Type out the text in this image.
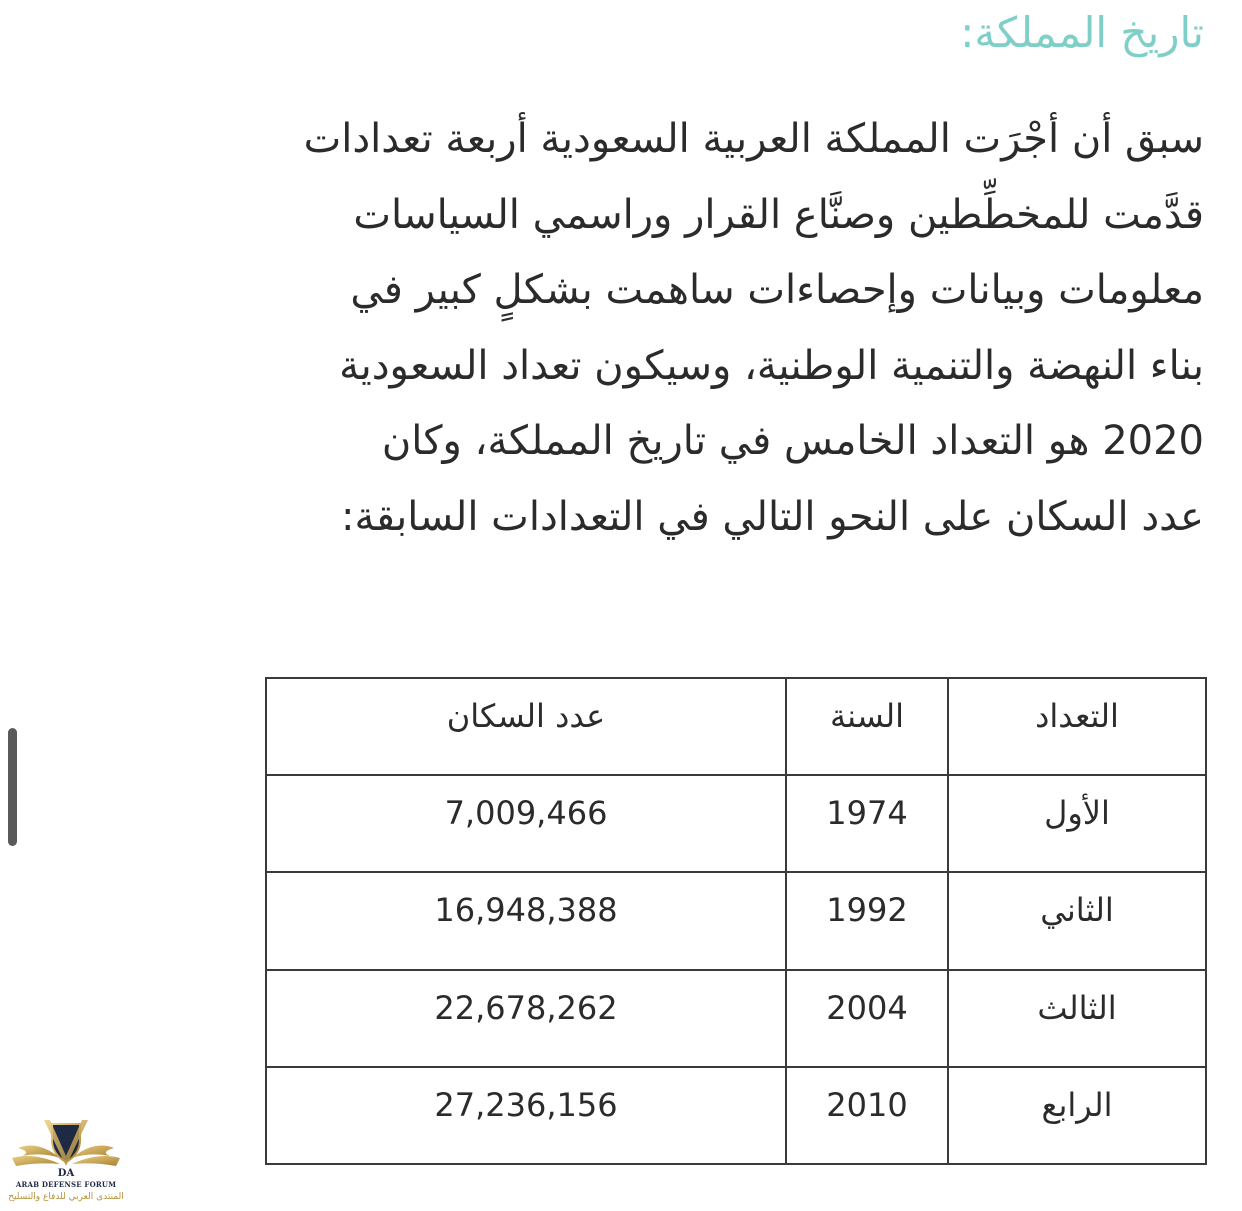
تاريخ المملكة:
سبق أن أجْرَت المملكة العربية السعودية أربعة تعدادات
قدَّمت للمخطِّطين وصنَّاع القرار وراسمي السياسات
معلومات وبيانات وإحصاءات ساهمت بشكلٍ كبير في
بناء النهضة والتنمية الوطنية، وسيكون تعداد السعودية
2020 هو التعداد الخامس في تاريخ المملكة، وكان
عدد السكان على النحو التالي في التعدادات السابقة:
عدد السكان	السنة	التعداد
7,009,466	1974	الأول
16,948,388	1992	الثاني
22,678,262	2004	الثالث
27,236,156	2010	الرابع
DA
ARAB DEFENSE FORUM
المنتدى العربي للدفاع والتسليح
